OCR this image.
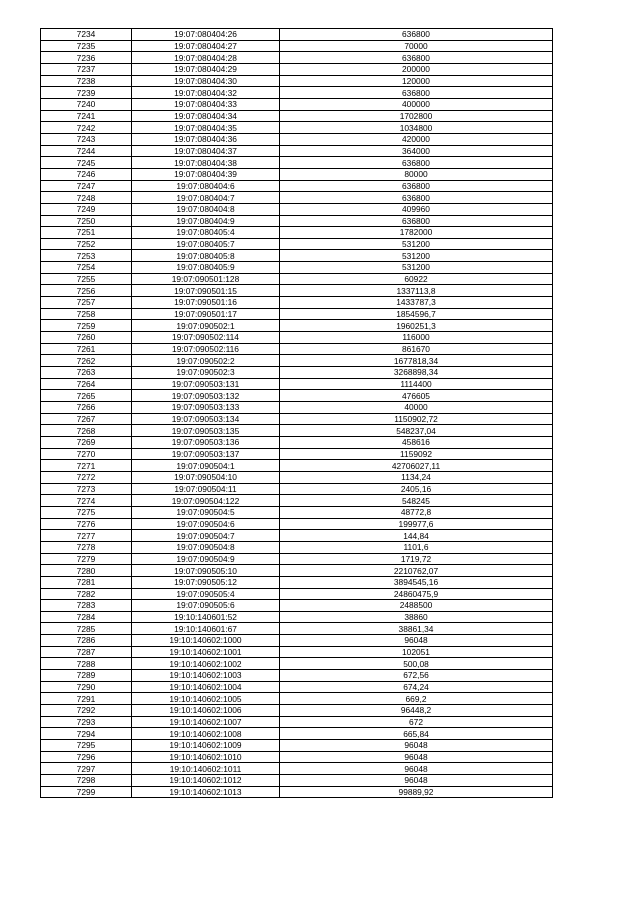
7234	19:07:080404:26	636800
7235	19:07:080404:27	70000
7236	19:07:080404:28	636800
7237	19:07:080404:29	200000
7238	19:07:080404:30	120000
7239	19:07:080404:32	636800
7240	19:07:080404:33	400000
7241	19:07:080404:34	1702800
7242	19:07:080404:35	1034800
7243	19:07:080404:36	420000
7244	19:07:080404:37	364000
7245	19:07:080404:38	636800
7246	19:07:080404:39	80000
7247	19:07:080404:6	636800
7248	19:07:080404:7	636800
7249	19:07:080404:8	409960
7250	19:07:080404:9	636800
7251	19:07:080405:4	1782000
7252	19:07:080405:7	531200
7253	19:07:080405:8	531200
7254	19:07:080405:9	531200
7255	19:07:090501:128	60922
7256	19:07:090501:15	1337113,8
7257	19:07:090501:16	1433787,3
7258	19:07:090501:17	1854596,7
7259	19:07:090502:1	1960251,3
7260	19:07:090502:114	116000
7261	19:07:090502:116	861670
7262	19:07:090502:2	1677818,34
7263	19:07:090502:3	3268898,34
7264	19:07:090503:131	1114400
7265	19:07:090503:132	476605
7266	19:07:090503:133	40000
7267	19:07:090503:134	1150902,72
7268	19:07:090503:135	548237,04
7269	19:07:090503:136	458616
7270	19:07:090503:137	1159092
7271	19:07:090504:1	42706027,11
7272	19:07:090504:10	1134,24
7273	19:07:090504:11	2405,16
7274	19:07:090504:122	548245
7275	19:07:090504:5	48772,8
7276	19:07:090504:6	199977,6
7277	19:07:090504:7	144,84
7278	19:07:090504:8	1101,6
7279	19:07:090504:9	1719,72
7280	19:07:090505:10	2210762,07
7281	19:07:090505:12	3894545,16
7282	19:07:090505:4	24860475,9
7283	19:07:090505:6	2488500
7284	19:10:140601:52	38860
7285	19:10:140601:67	38861,34
7286	19:10:140602:1000	96048
7287	19:10:140602:1001	102051
7288	19:10:140602:1002	500,08
7289	19:10:140602:1003	672,56
7290	19:10:140602:1004	674,24
7291	19:10:140602:1005	669,2
7292	19:10:140602:1006	96448,2
7293	19:10:140602:1007	672
7294	19:10:140602:1008	665,84
7295	19:10:140602:1009	96048
7296	19:10:140602:1010	96048
7297	19:10:140602:1011	96048
7298	19:10:140602:1012	96048
7299	19:10:140602:1013	99889,92
